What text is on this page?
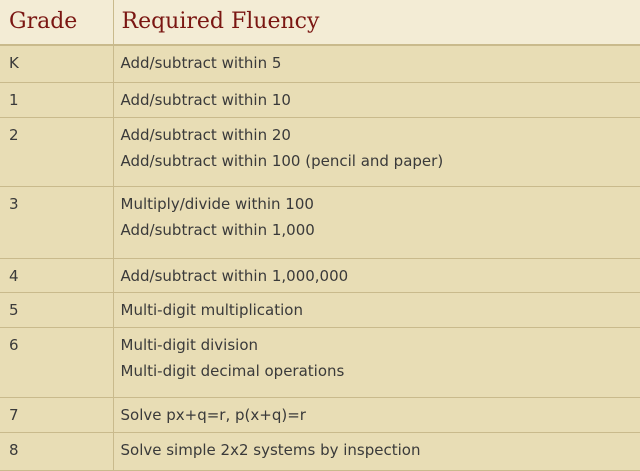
Grade	Required Fluency
K	Add/subtract within 5

1	Add/subtract within 10

2	Add/subtract within 20
Add/subtract within 100 (pencil and paper)

3	Multiply/divide within 100
Add/subtract within 1,000

4	Add/subtract within 1,000,000

5	Multi-digit multiplication

6	Multi-digit division
Multi-digit decimal operations

7	Solve px+q=r, p(x+q)=r

8	Solve simple 2x2 systems by inspection
